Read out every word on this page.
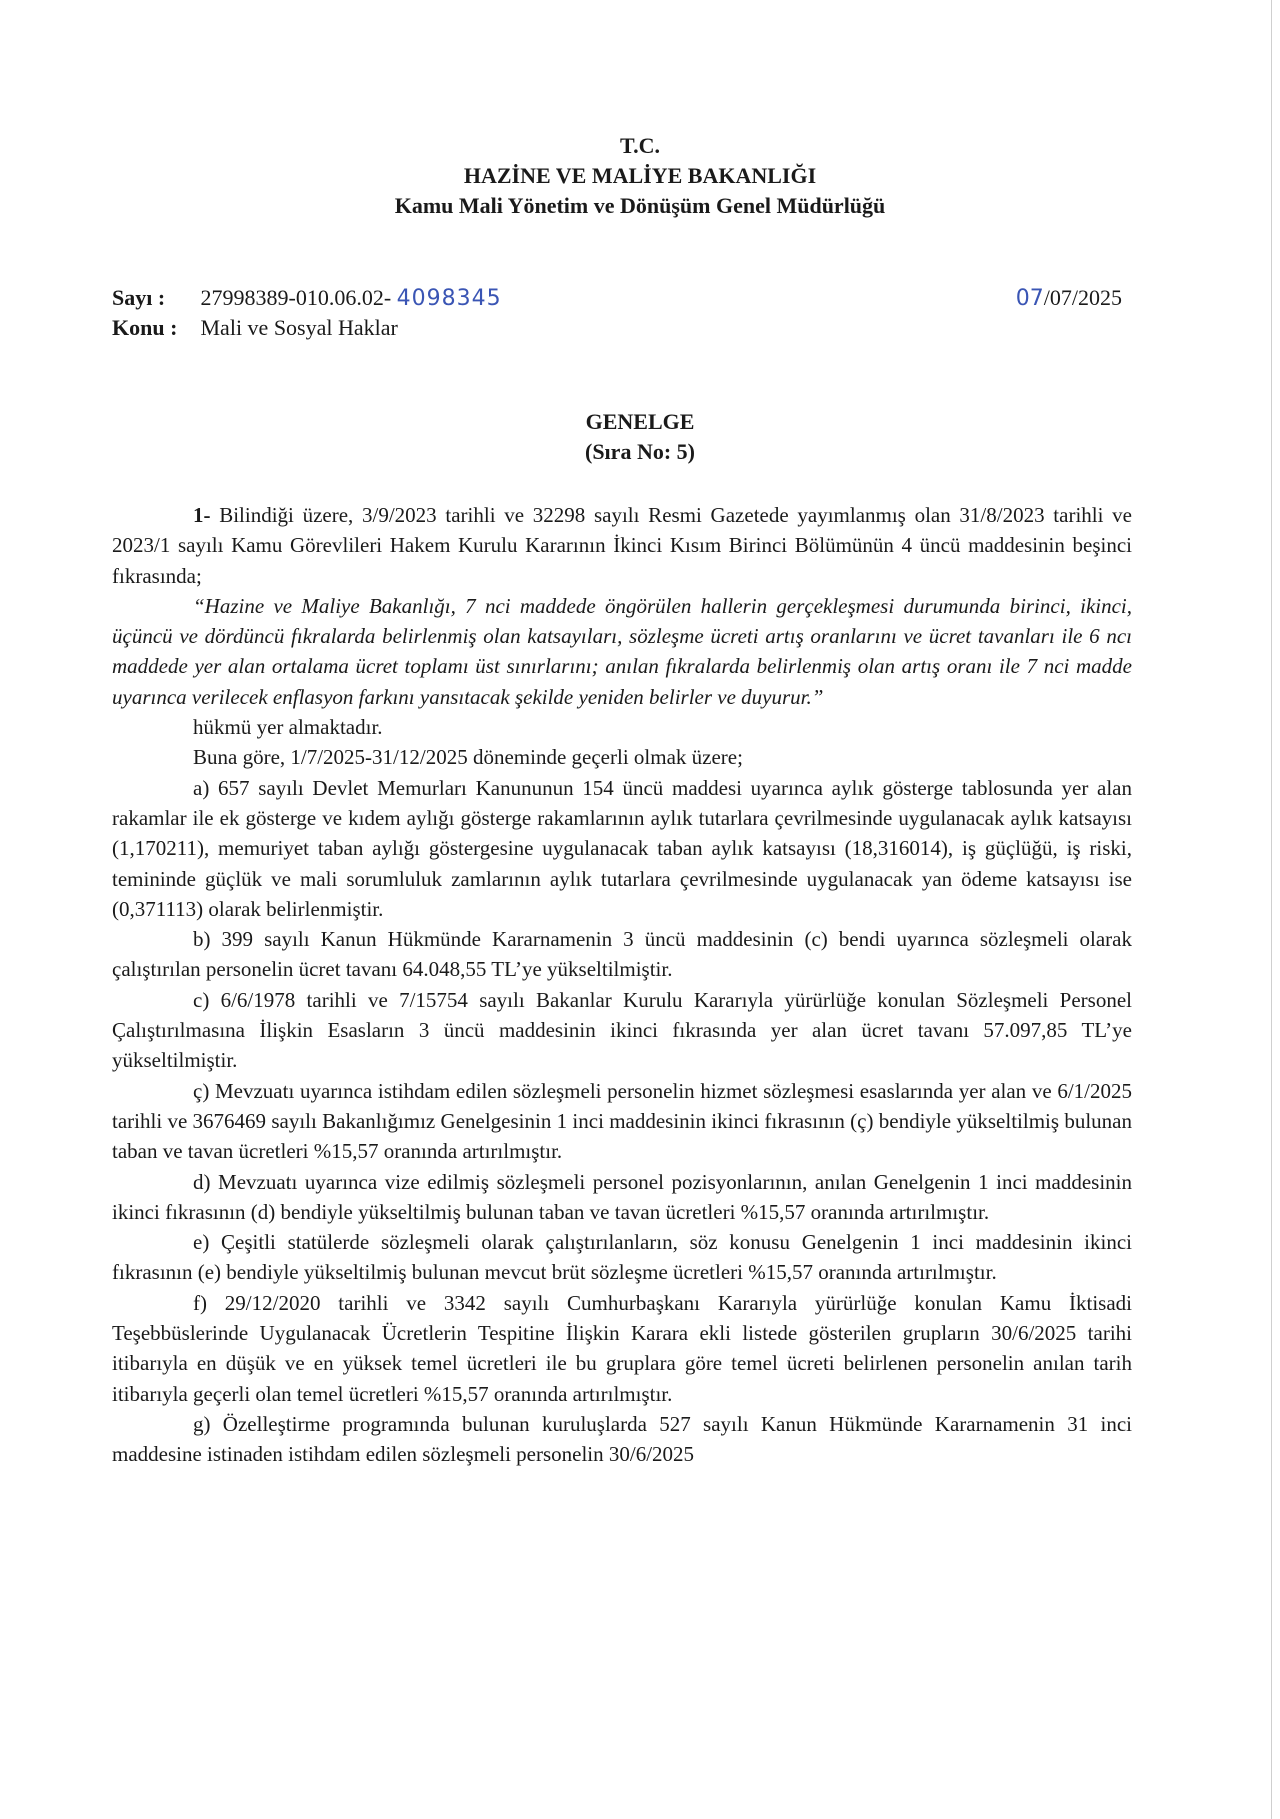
T.C.
HAZİNE VE MALİYE BAKANLIĞI
Kamu Mali Yönetim ve Dönüşüm Genel Müdürlüğü
Sayı : 27998389-010.06.02- 4098345	07/07/2025
Konu : Mali ve Sosyal Haklar
GENELGE
(Sıra No: 5)

1- Bilindiği üzere, 3/9/2023 tarihli ve 32298 sayılı Resmi Gazetede yayımlanmış olan 31/8/2023 tarihli ve 2023/1 sayılı Kamu Görevlileri Hakem Kurulu Kararının İkinci Kısım Birinci Bölümünün 4 üncü maddesinin beşinci fıkrasında;

“Hazine ve Maliye Bakanlığı, 7 nci maddede öngörülen hallerin gerçekleşmesi durumunda birinci, ikinci, üçüncü ve dördüncü fıkralarda belirlenmiş olan katsayıları, sözleşme ücreti artış oranlarını ve ücret tavanları ile 6 ncı maddede yer alan ortalama ücret toplamı üst sınırlarını; anılan fıkralarda belirlenmiş olan artış oranı ile 7 nci madde uyarınca verilecek enflasyon farkını yansıtacak şekilde yeniden belirler ve duyurur.”

hükmü yer almaktadır.

Buna göre, 1/7/2025-31/12/2025 döneminde geçerli olmak üzere;

a) 657 sayılı Devlet Memurları Kanununun 154 üncü maddesi uyarınca aylık gösterge tablosunda yer alan rakamlar ile ek gösterge ve kıdem aylığı gösterge rakamlarının aylık tutarlara çevrilmesinde uygulanacak aylık katsayısı (1,170211), memuriyet taban aylığı göstergesine uygulanacak taban aylık katsayısı (18,316014), iş güçlüğü, iş riski, temininde güçlük ve mali sorumluluk zamlarının aylık tutarlara çevrilmesinde uygulanacak yan ödeme katsayısı ise (0,371113) olarak belirlenmiştir.

b) 399 sayılı Kanun Hükmünde Kararnamenin 3 üncü maddesinin (c) bendi uyarınca sözleşmeli olarak çalıştırılan personelin ücret tavanı 64.048,55 TL’ye yükseltilmiştir.

c) 6/6/1978 tarihli ve 7/15754 sayılı Bakanlar Kurulu Kararıyla yürürlüğe konulan Sözleşmeli Personel Çalıştırılmasına İlişkin Esasların 3 üncü maddesinin ikinci fıkrasında yer alan ücret tavanı 57.097,85 TL’ye yükseltilmiştir.

ç) Mevzuatı uyarınca istihdam edilen sözleşmeli personelin hizmet sözleşmesi esaslarında yer alan ve 6/1/2025 tarihli ve 3676469 sayılı Bakanlığımız Genelgesinin 1 inci maddesinin ikinci fıkrasının (ç) bendiyle yükseltilmiş bulunan taban ve tavan ücretleri %15,57 oranında artırılmıştır.

d) Mevzuatı uyarınca vize edilmiş sözleşmeli personel pozisyonlarının, anılan Genelgenin 1 inci maddesinin ikinci fıkrasının (d) bendiyle yükseltilmiş bulunan taban ve tavan ücretleri %15,57 oranında artırılmıştır.

e) Çeşitli statülerde sözleşmeli olarak çalıştırılanların, söz konusu Genelgenin 1 inci maddesinin ikinci fıkrasının (e) bendiyle yükseltilmiş bulunan mevcut brüt sözleşme ücretleri %15,57 oranında artırılmıştır.

f) 29/12/2020 tarihli ve 3342 sayılı Cumhurbaşkanı Kararıyla yürürlüğe konulan Kamu İktisadi Teşebbüslerinde Uygulanacak Ücretlerin Tespitine İlişkin Karara ekli listede gösterilen grupların 30/6/2025 tarihi itibarıyla en düşük ve en yüksek temel ücretleri ile bu gruplara göre temel ücreti belirlenen personelin anılan tarih itibarıyla geçerli olan temel ücretleri %15,57 oranında artırılmıştır.

g) Özelleştirme programında bulunan kuruluşlarda 527 sayılı Kanun Hükmünde Kararnamenin 31 inci maddesine istinaden istihdam edilen sözleşmeli personelin 30/6/2025
